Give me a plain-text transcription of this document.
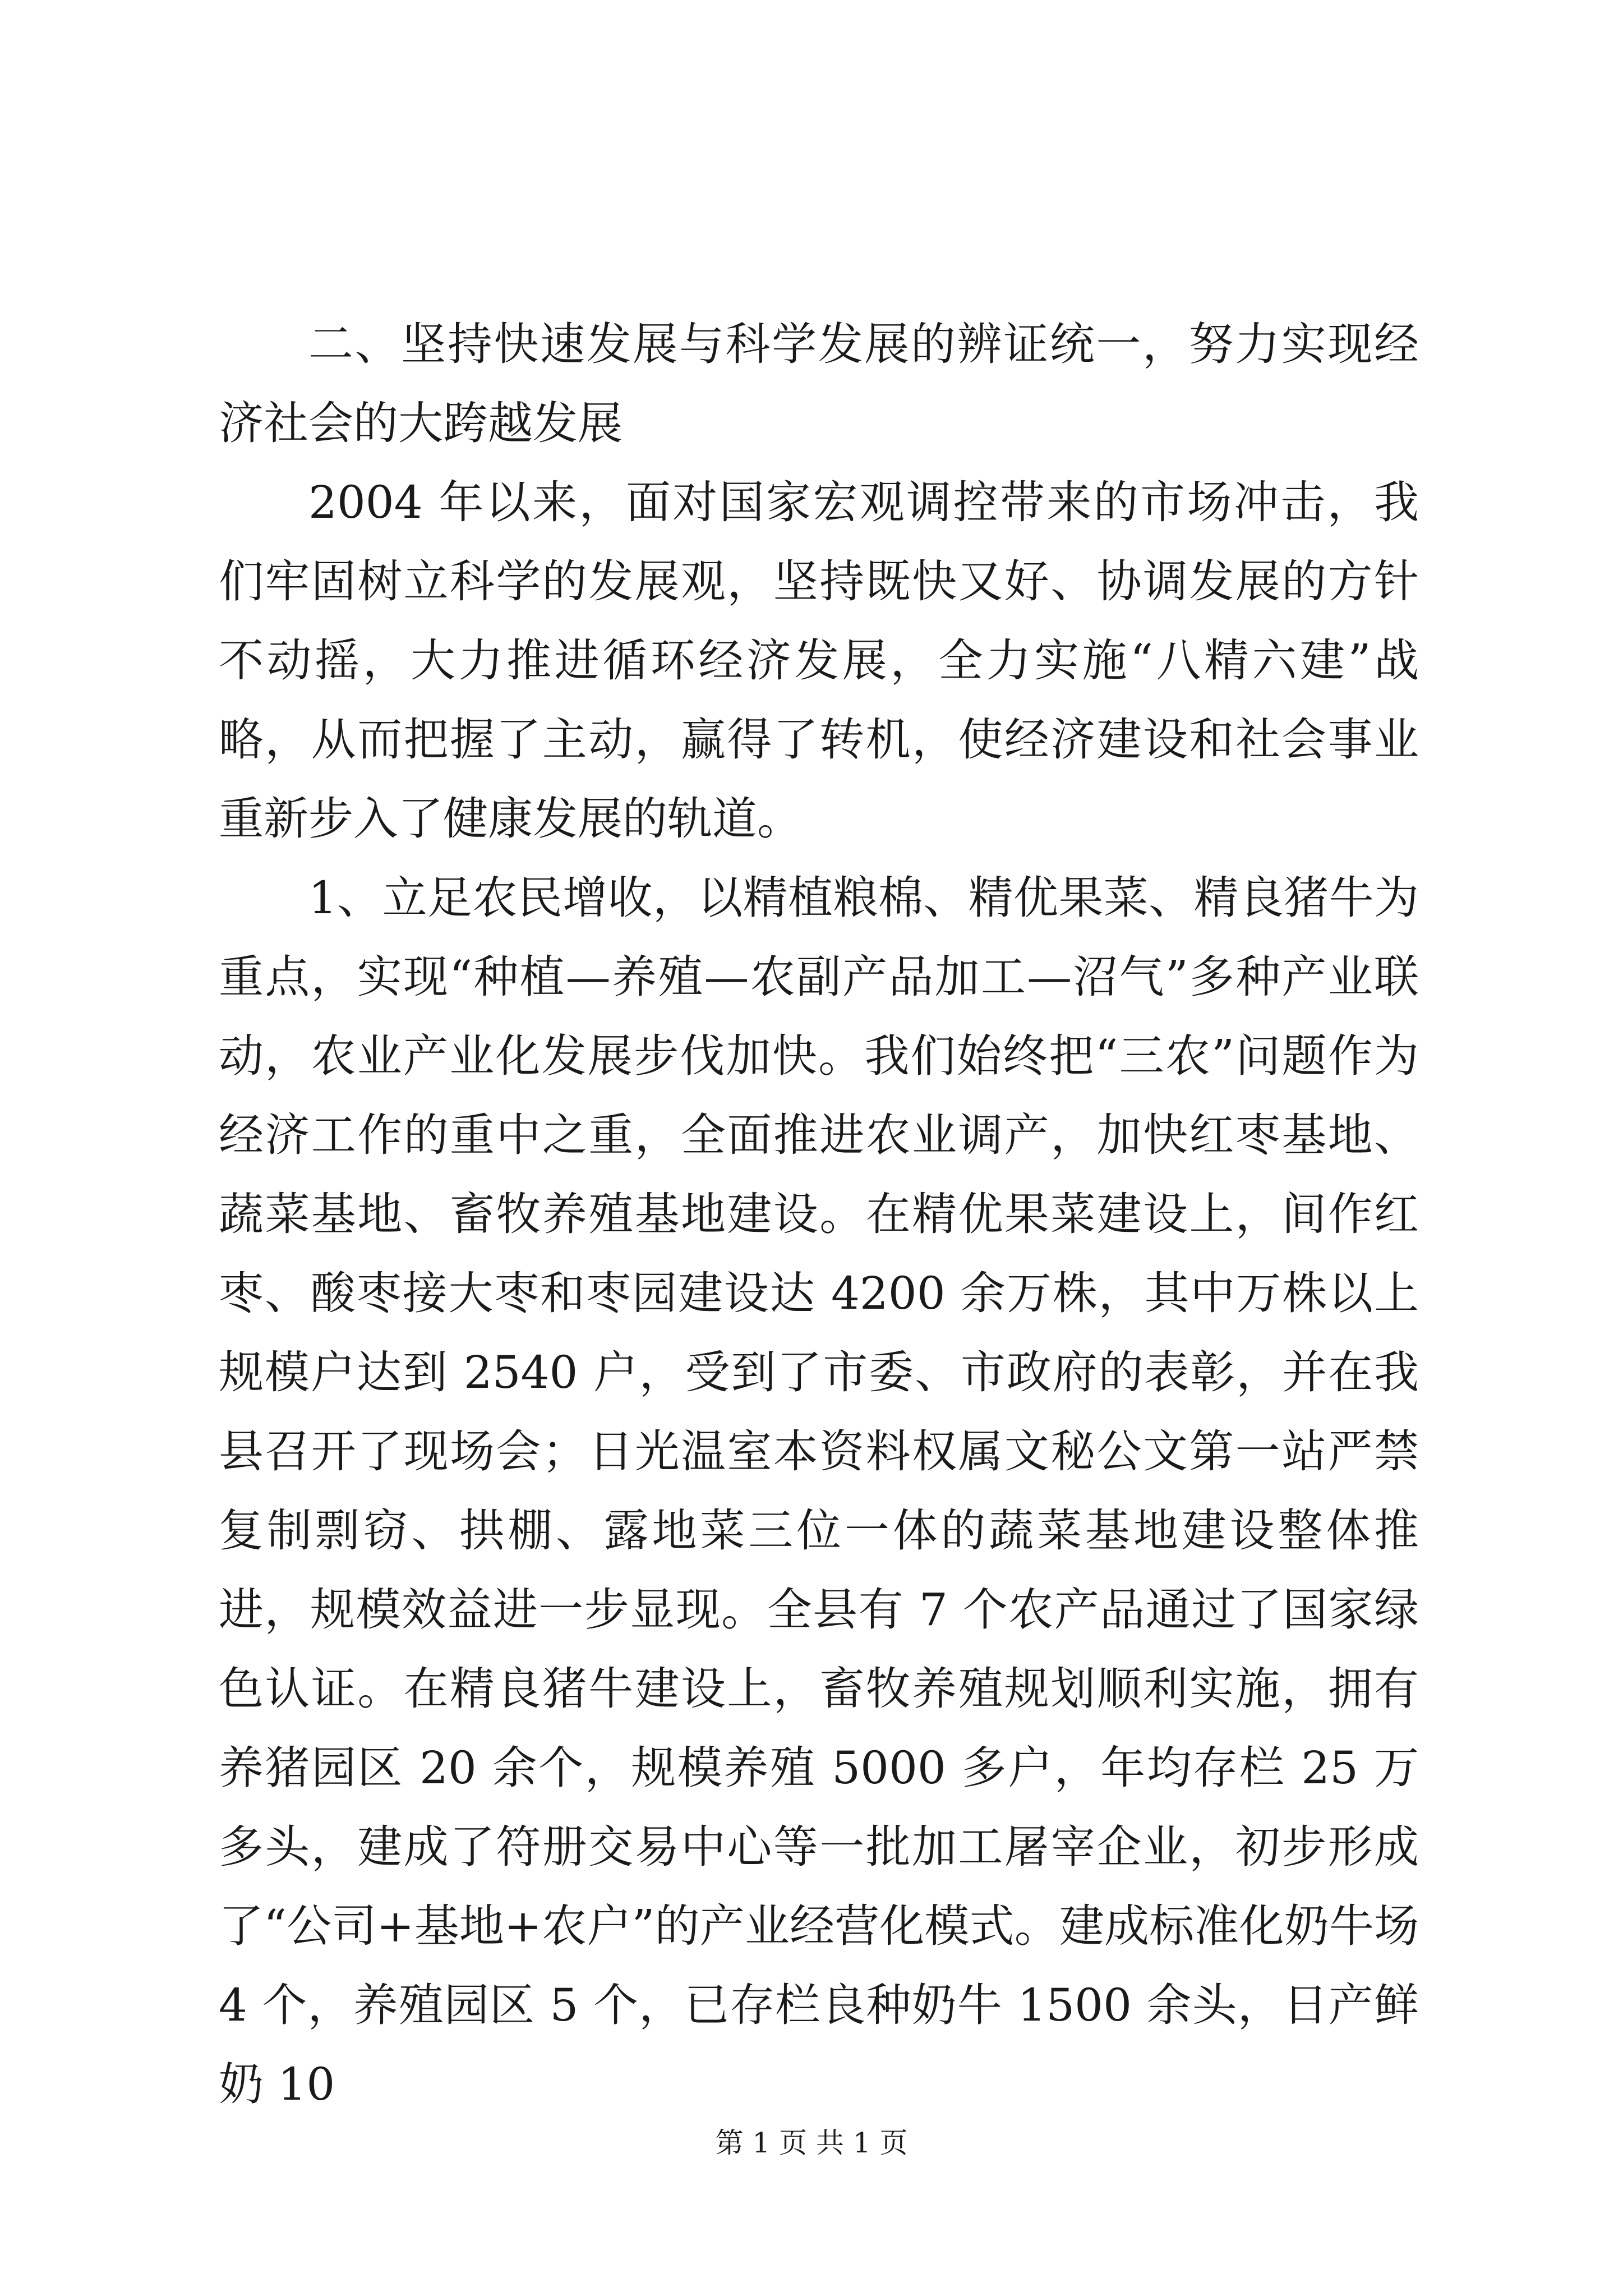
二、坚持快速发展与科学发展的辨证统一，努力实现经济社会的大跨越发展

2004 年以来，面对国家宏观调控带来的市场冲击，我们牢固树立科学的发展观，坚持既快又好、协调发展的方针不动摇，大力推进循环经济发展，全力实施“八精六建”战略，从而把握了主动，赢得了转机，使经济建设和社会事业重新步入了健康发展的轨道。

1、立足农民增收，以精植粮棉、精优果菜、精良猪牛为重点，实现“种植—养殖—农副产品加工—沼气”多种产业联动，农业产业化发展步伐加快。我们始终把“三农”问题作为经济工作的重中之重，全面推进农业调产，加快红枣基地、蔬菜基地、畜牧养殖基地建设。在精优果菜建设上，间作红枣、酸枣接大枣和枣园建设达 4200 余万株，其中万株以上规模户达到 2540 户，受到了市委、市政府的表彰，并在我县召开了现场会；日光温室本资料权属文秘公文第一站严禁复制剽窃、拱棚、露地菜三位一体的蔬菜基地建设整体推进，规模效益进一步显现。全县有 7 个农产品通过了国家绿色认证。在精良猪牛建设上，畜牧养殖规划顺利实施，拥有养猪园区 20 余个，规模养殖 5000 多户，年均存栏 25 万多头，建成了符册交易中心等一批加工屠宰企业，初步形成了“公司+基地+农户”的产业经营化模式。建成标准化奶牛场 4 个，养殖园区 5 个，已存栏良种奶牛 1500 余头，日产鲜奶 10

第 1 页 共 1 页
